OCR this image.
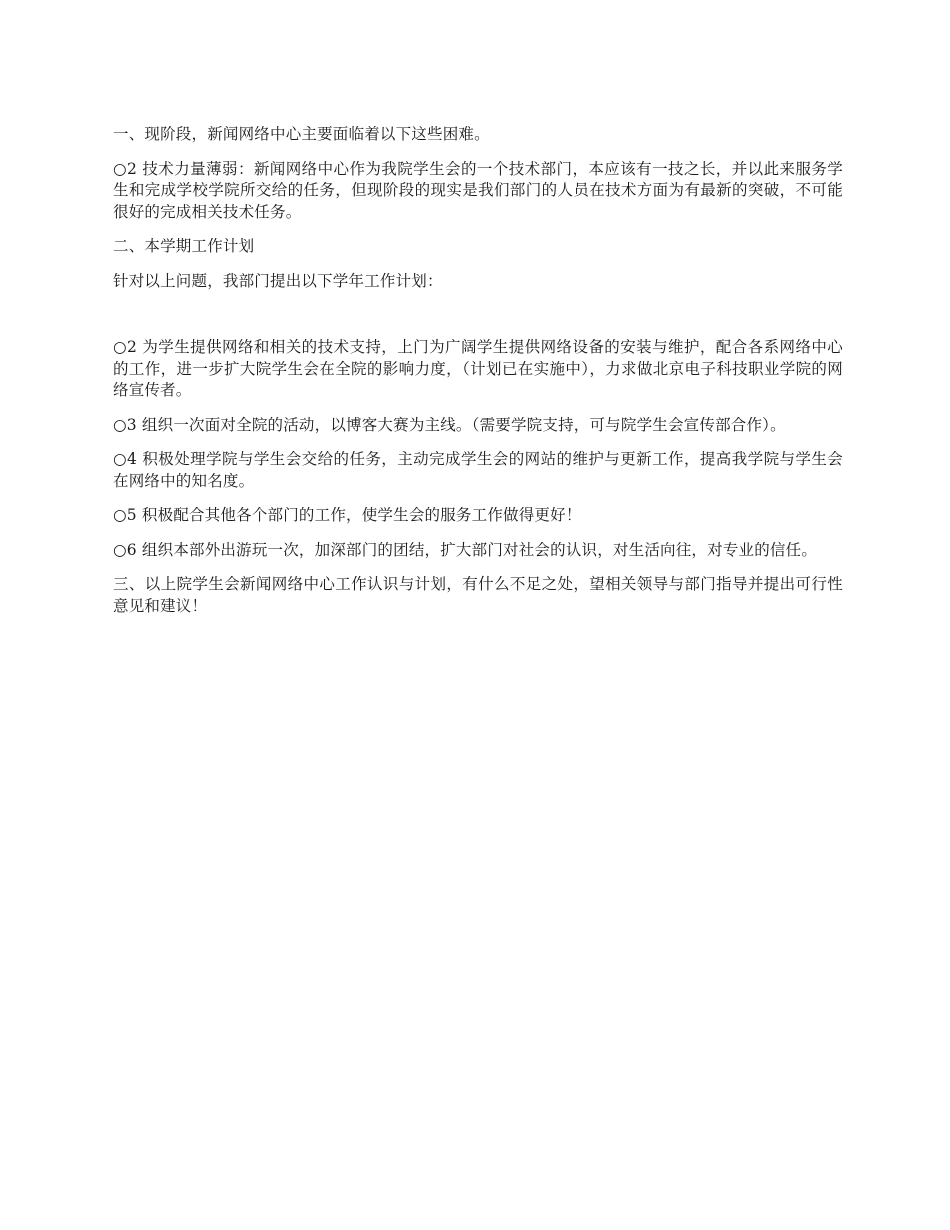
一、现阶段，新闻网络中心主要面临着以下这些困难。

○2 技术力量薄弱：新闻网络中心作为我院学生会的一个技术部门，本应该有一技之长，并以此来服务学生和完成学校学院所交给的任务，但现阶段的现实是我们部门的人员在技术方面为有最新的突破，不可能很好的完成相关技术任务。

二、本学期工作计划

针对以上问题，我部门提出以下学年工作计划：

○2 为学生提供网络和相关的技术支持，上门为广阔学生提供网络设备的安装与维护，配合各系网络中心的工作，进一步扩大院学生会在全院的影响力度，（计划已在实施中），力求做北京电子科技职业学院的网络宣传者。

○3 组织一次面对全院的活动，以博客大赛为主线。（需要学院支持，可与院学生会宣传部合作）。

○4 积极处理学院与学生会交给的任务，主动完成学生会的网站的维护与更新工作，提高我学院与学生会在网络中的知名度。

○5 积极配合其他各个部门的工作，使学生会的服务工作做得更好！

○6 组织本部外出游玩一次，加深部门的团结，扩大部门对社会的认识，对生活向往，对专业的信任。

三、以上院学生会新闻网络中心工作认识与计划，有什么不足之处，望相关领导与部门指导并提出可行性意见和建议！
